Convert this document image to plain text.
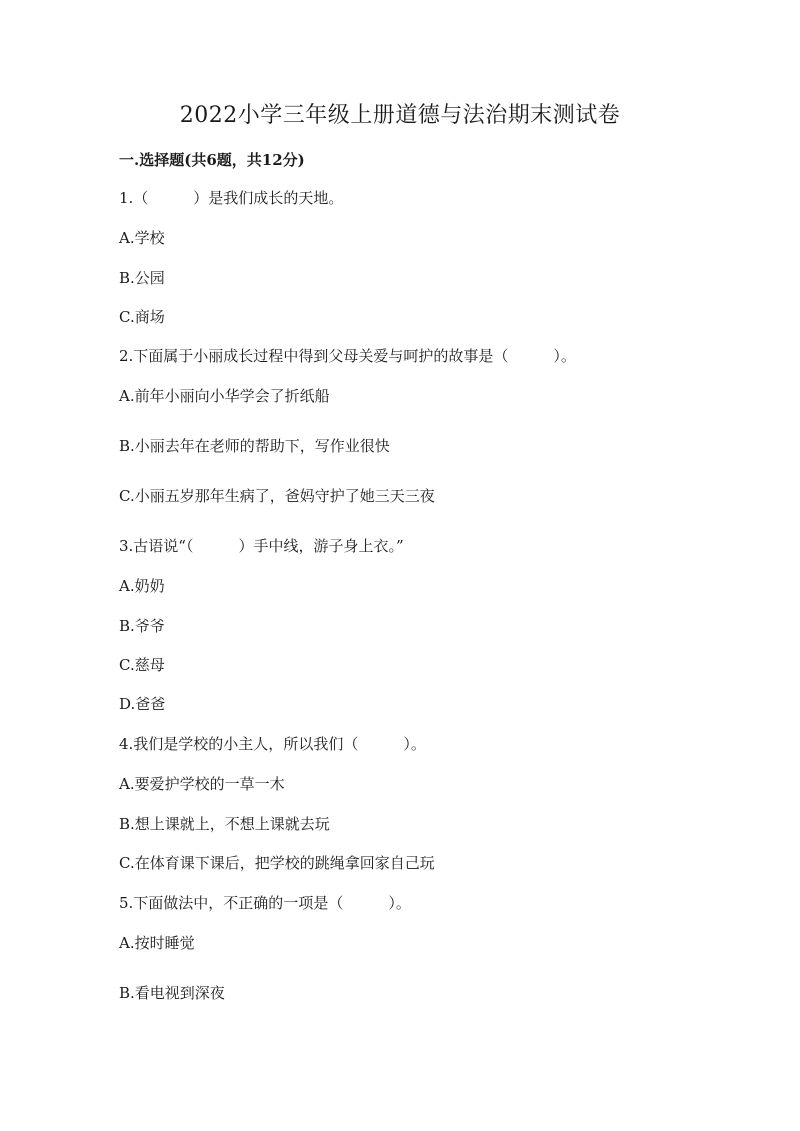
2022小学三年级上册道德与法治期末测试卷
一.选择题(共6题，共12分)
1.（　　　）是我们成长的天地。
A.学校
B.公园
C.商场
2.下面属于小丽成长过程中得到父母关爱与呵护的故事是（　　　）。
A.前年小丽向小华学会了折纸船
B.小丽去年在老师的帮助下，写作业很快
C.小丽五岁那年生病了，爸妈守护了她三天三夜
3.古语说“（　　　）手中线，游子身上衣。”
A.奶奶
B.爷爷
C.慈母
D.爸爸
4.我们是学校的小主人，所以我们（　　　）。
A.要爱护学校的一草一木
B.想上课就上，不想上课就去玩
C.在体育课下课后，把学校的跳绳拿回家自己玩
5.下面做法中，不正确的一项是（　　　）。
A.按时睡觉
B.看电视到深夜
